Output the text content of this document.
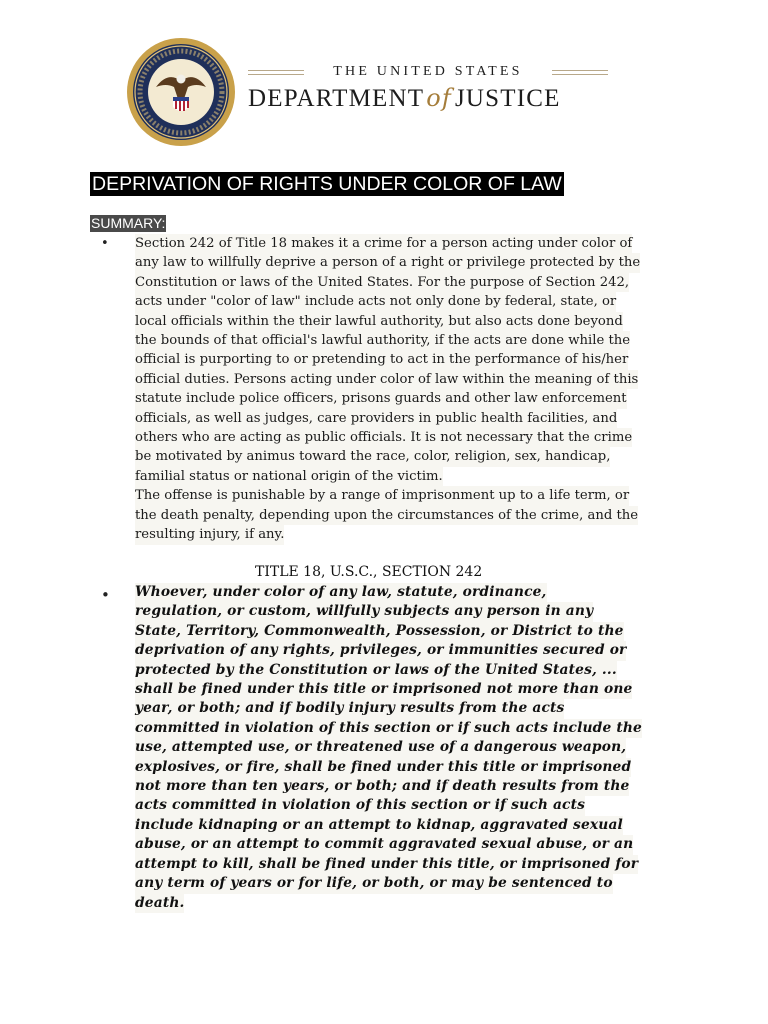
THE UNITED STATES
DEPARTMENT of JUSTICE
DEPRIVATION OF RIGHTS UNDER COLOR OF LAW
SUMMARY:
• Section 242 of Title 18 makes it a crime for a person acting under color of
any law to willfully deprive a person of a right or privilege protected by the
Constitution or laws of the United States. For the purpose of Section 242,
acts under "color of law" include acts not only done by federal, state, or
local officials within the their lawful authority, but also acts done beyond
the bounds of that official's lawful authority, if the acts are done while the
official is purporting to or pretending to act in the performance of his/her
official duties. Persons acting under color of law within the meaning of this
statute include police officers, prisons guards and other law enforcement
officials, as well as judges, care providers in public health facilities, and
others who are acting as public officials. It is not necessary that the crime
be motivated by animus toward the race, color, religion, sex, handicap,
familial status or national origin of the victim.
The offense is punishable by a range of imprisonment up to a life term, or
the death penalty, depending upon the circumstances of the crime, and the
resulting injury, if any.
TITLE 18, U.S.C., SECTION 242
• Whoever, under color of any law, statute, ordinance,
regulation, or custom, willfully subjects any person in any
State, Territory, Commonwealth, Possession, or District to the
deprivation of any rights, privileges, or immunities secured or
protected by the Constitution or laws of the United States, ...
shall be fined under this title or imprisoned not more than one
year, or both; and if bodily injury results from the acts
committed in violation of this section or if such acts include the
use, attempted use, or threatened use of a dangerous weapon,
explosives, or fire, shall be fined under this title or imprisoned
not more than ten years, or both; and if death results from the
acts committed in violation of this section or if such acts
include kidnaping or an attempt to kidnap, aggravated sexual
abuse, or an attempt to commit aggravated sexual abuse, or an
attempt to kill, shall be fined under this title, or imprisoned for
any term of years or for life, or both, or may be sentenced to
death.
